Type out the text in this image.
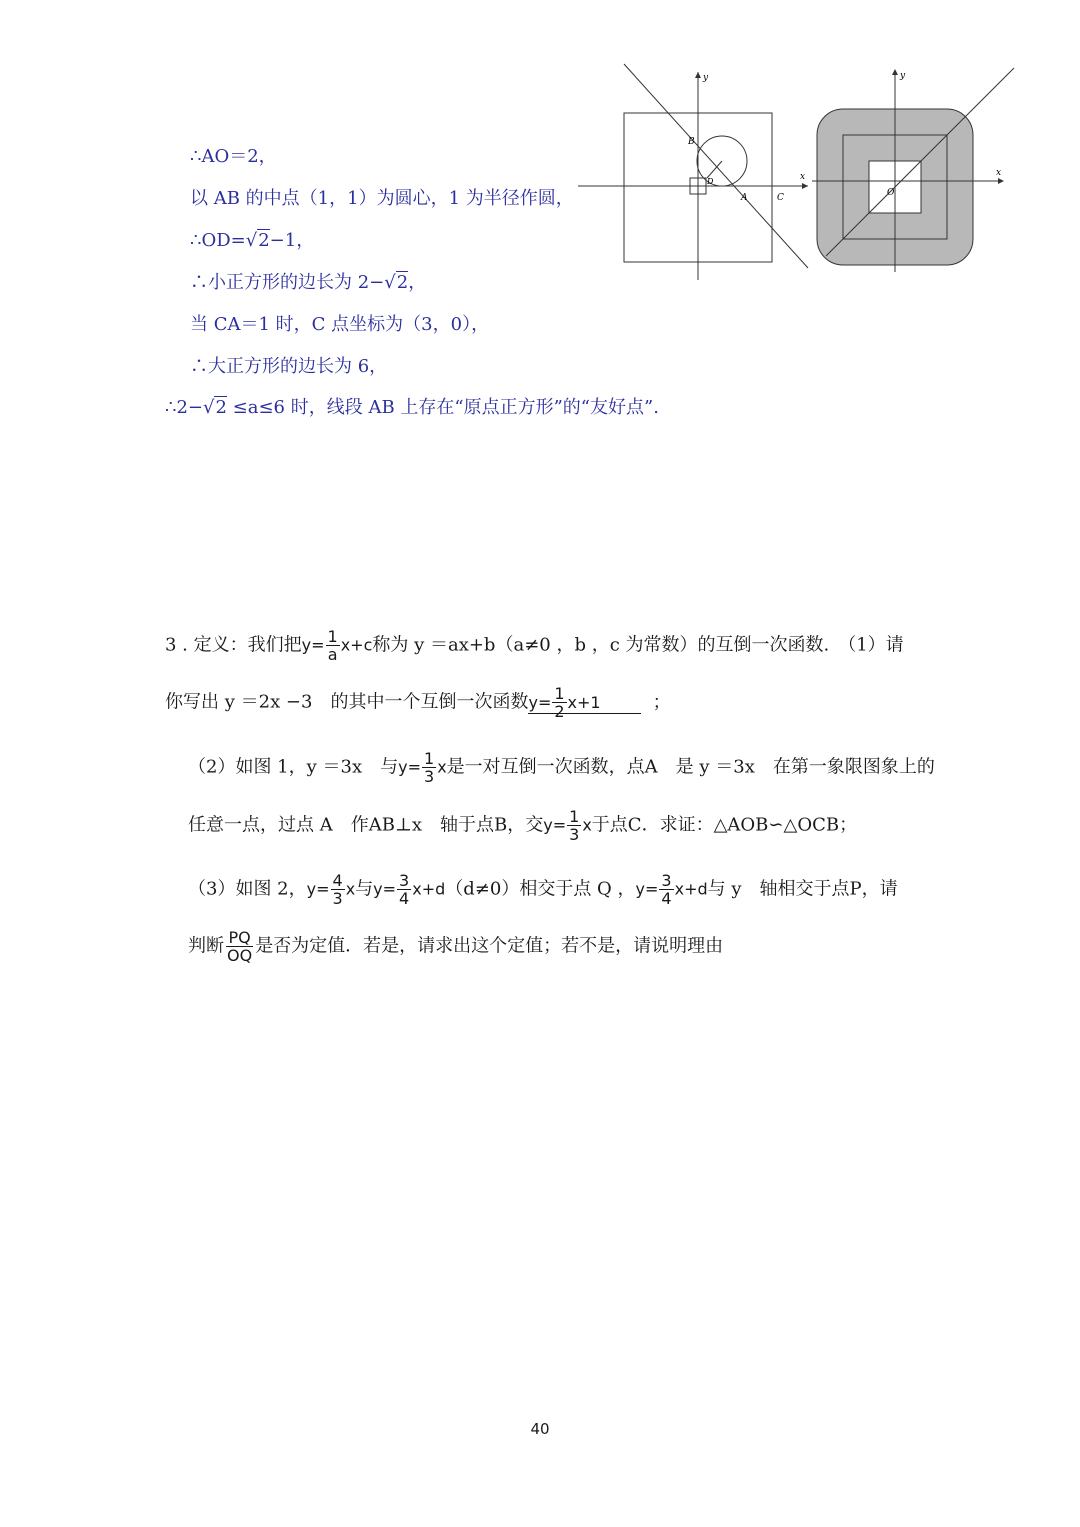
∴AO＝2，
以 AB 的中点（1，1）为圆心，1 为半径作圆，
∴OD=√2−1，
∴小正方形的边长为 2−√2，
当 CA＝1 时，C 点坐标为（3，0），
∴大正方形的边长为 6，
∴2−√2 ≤a≤6 时，线段 AB 上存在“原点正方形”的“友好点”.
y
x
B
D
A	C
y
x
O
3 . 定义：我们把$y= \frac{1}{a} x+c$称为 y ＝ax+b（a≠0 ，b ，c 为常数）的互倒一次函数.　（1）请
你写出 y ＝2x −3　的其中一个互倒一次函数$y= \frac{1}{2} x+1$	；
（2）如图 1，y ＝3x　与$y= \frac{1}{3}$ x是一对互倒一次函数，点A　是 y ＝3x　在第一象限图象上的
任意一点，过点 A　作AB⊥x　轴于点B，交$y= \frac{1}{3}$ x于点C．求证：△AOB∽△OCB；
（3）如图 2，$y= \frac{4}{3}$ x与$y= \frac{3}{4} x+d(d\ne 0)$相交于点 Q ，$y= \frac{3}{4} x+d$与 y　轴相交于点P，请
判断 $\frac{PQ}{OQ}$ 是否为定值．若是，请求出这个定值；若不是，请说明理由
40
